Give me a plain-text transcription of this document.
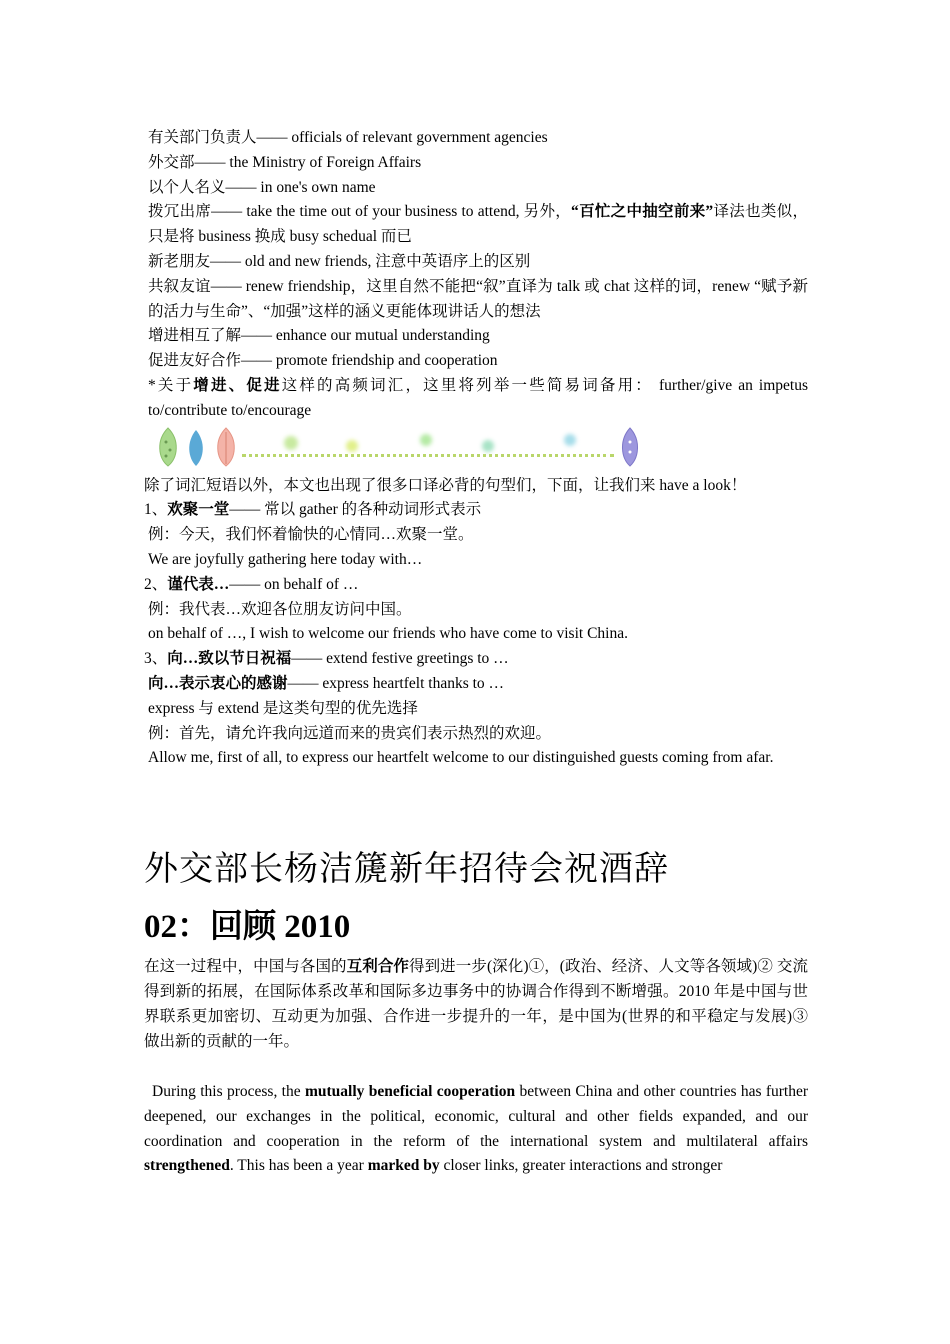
有关部门负责人—— officials of relevant government agencies

外交部—— the Ministry of Foreign Affairs

以个人名义—— in one's own name

拨冗出席—— take the time out of your business to attend, 另外，“百忙之中抽空前来”译法也类似，只是将 business 换成 busy schedual 而已

新老朋友—— old and new friends, 注意中英语序上的区别

共叙友谊—— renew friendship，这里自然不能把“叙”直译为 talk 或 chat 这样的词，renew “赋予新的活力与生命”、“加强”这样的涵义更能体现讲话人的想法

增进相互了解—— enhance our mutual understanding

促进友好合作—— promote friendship and cooperation

*关于增进、促进这样的高频词汇，这里将列举一些简易词备用： further/give an impetus to/contribute to/encourage

除了词汇短语以外，本文也出现了很多口译必背的句型们，下面，让我们来 have a look！

1、欢聚一堂—— 常以 gather 的各种动词形式表示

例：今天，我们怀着愉快的心情同…欢聚一堂。

We are joyfully gathering here today with…

2、谨代表…—— on behalf of …

例：我代表…欢迎各位朋友访问中国。

on behalf of …, I wish to welcome our friends who have come to visit China.

3、向…致以节日祝福—— extend festive greetings to …

向…表示衷心的感谢—— express heartfelt thanks to …

express 与 extend 是这类句型的优先选择

例：首先，请允许我向远道而来的贵宾们表示热烈的欢迎。

Allow me, first of all, to express our heartfelt welcome to our distinguished guests coming from afar.

外交部长杨洁篪新年招待会祝酒辞
02：回顾 2010

在这一过程中，中国与各国的互利合作得到进一步(深化)①，(政治、经济、人文等各领域)② 交流得到新的拓展，在国际体系改革和国际多边事务中的协调合作得到不断增强。2010 年是中国与世界联系更加密切、互动更为加强、合作进一步提升的一年，是中国为(世界的和平稳定与发展)③ 做出新的贡献的一年。

During this process, the mutually beneficial cooperation between China and other countries has further deepened, our exchanges in the political, economic, cultural and other fields expanded, and our coordination and cooperation in the reform of the international system and multilateral affairs strengthened. This has been a year marked by closer links, greater interactions and stronger
